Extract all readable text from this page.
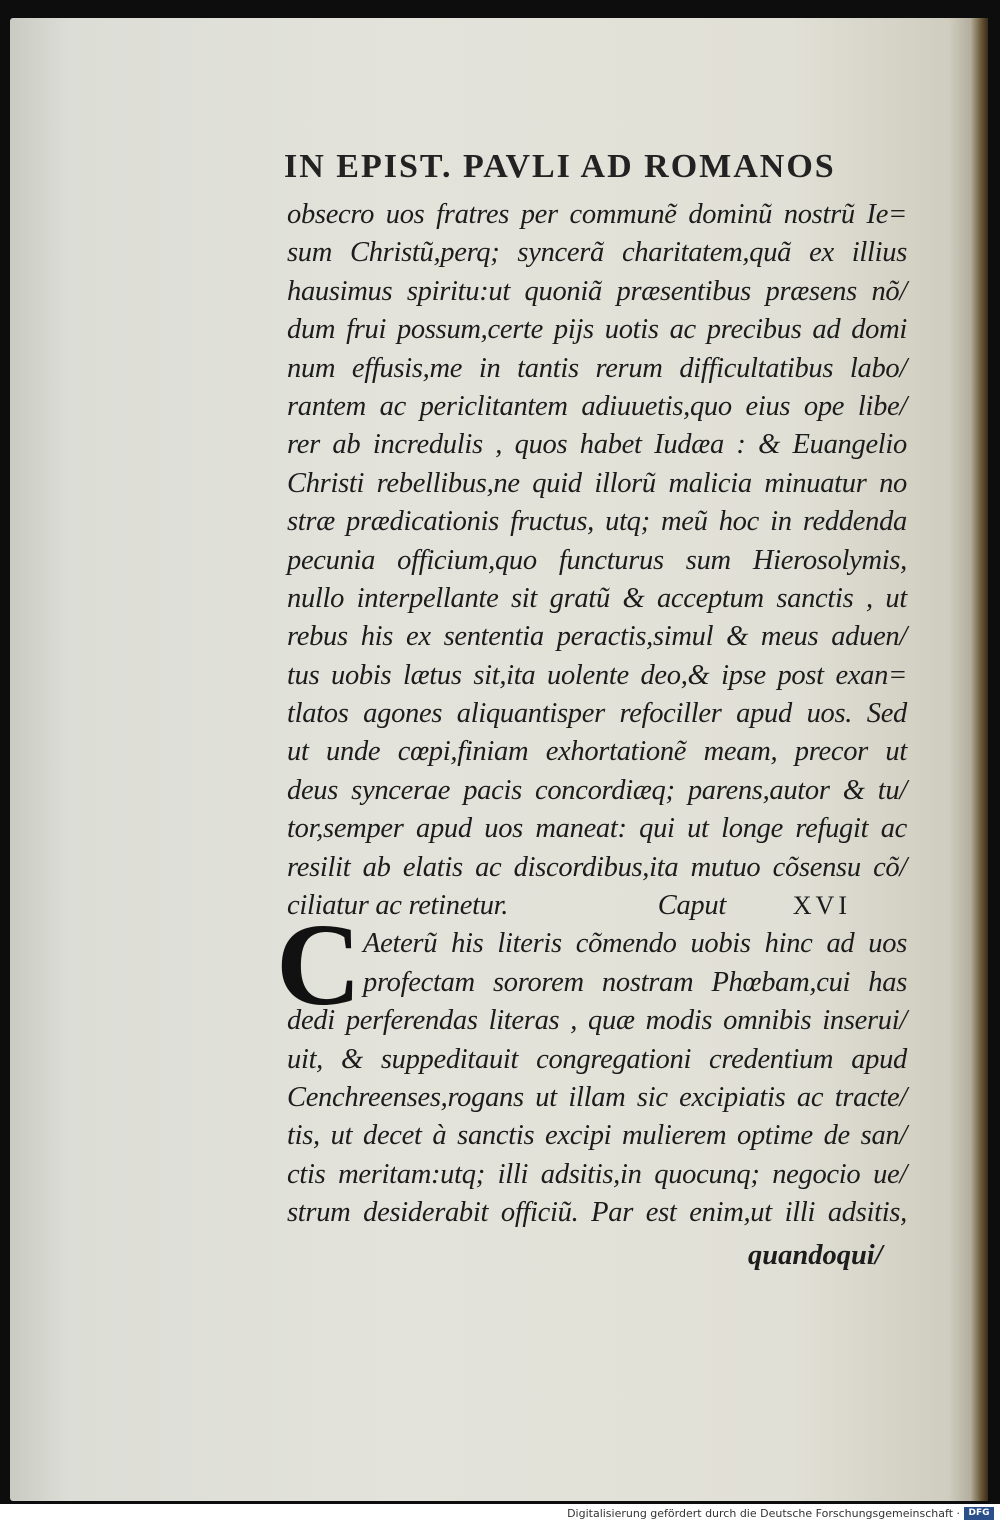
IN EPIST. PAVLI AD ROMANOS
obsecro uos fratres per communẽ dominũ nostrũ Ie=
sum Christũ,perq; syncerã charitatem,quã ex illius
hausimus spiritu:ut quoniã præsentibus præsens nõ/
dum frui possum,certe pijs uotis ac precibus ad domi
num effusis,me in tantis rerum difficultatibus labo/
rantem ac periclitantem adiuuetis,quo eius ope libe/
rer ab incredulis , quos habet Iudæa : & Euangelio
Christi rebellibus,ne quid illorũ malicia minuatur no
stræ prædicationis fructus, utq; meũ hoc in reddenda
pecunia officium,quo functurus sum Hierosolymis,
nullo interpellante sit gratũ & acceptum sanctis , ut
rebus his ex sententia peractis,simul & meus aduen/
tus uobis lætus sit,ita uolente deo,& ipse post exan=
tlatos agones aliquantisper refociller apud uos. Sed
ut unde cœpi,finiam exhortationẽ meam, precor ut
deus syncerae pacis concordiæq; parens,autor & tu/
tor,semper apud uos maneat: qui ut longe refugit ac
resilit ab elatis ac discordibus,ita mutuo cõsensu cõ/
ciliatur ac retinetur.	Caput	XVI
Aeterũ his literis cõmendo uobis hinc ad uos
profectam sororem nostram Phœbam,cui has
dedi perferendas literas , quæ modis omnibis inserui/
uit, & suppeditauit congregationi credentium apud
Cenchreenses,rogans ut illam sic excipiatis ac tracte/
tis, ut decet à sanctis excipi mulierem optime de san/
ctis meritam:utq; illi adsitis,in quocunq; negocio ue/
strum desiderabit officiũ. Par est enim,ut illi adsitis,
C
quandoqui/
Digitalisierung gefördert durch die Deutsche Forschungsgemeinschaft · DFG
